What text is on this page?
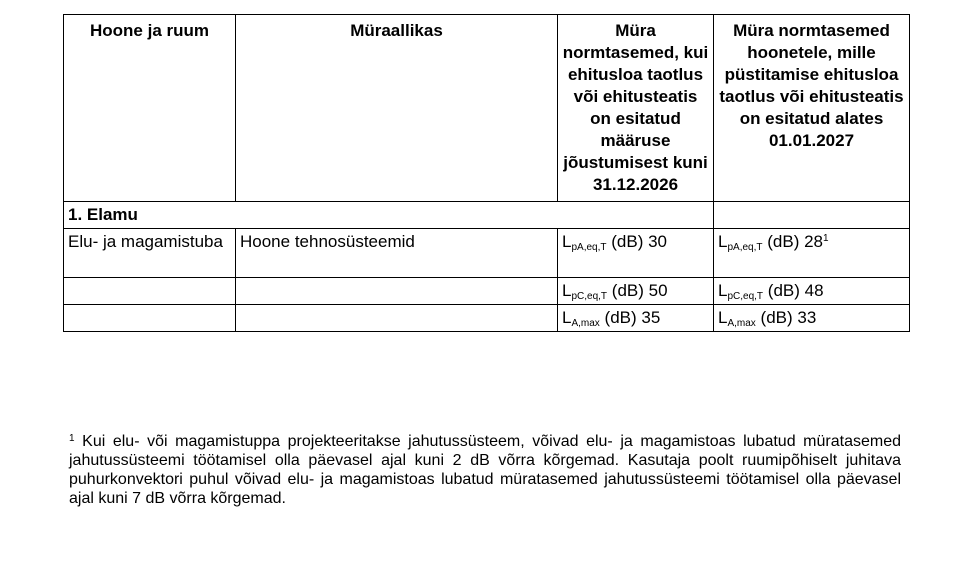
Hoone ja ruum	Müraallikas	Müra normtasemed, kui ehitusloa taotlus või ehitusteatis on esitatud määruse jõustumisest kuni 31.12.2026	Müra normtasemed hoonetele, mille püstitamise ehitusloa taotlus või ehitusteatis on esitatud alates 01.01.2027
1. Elamu			
Elu- ja magamistuba	Hoone tehnosüsteemid	$L_{pA,eq,T}$ (dB) 30	$L_{pA,eq,T}$ (dB) $28^1$
		$L_{pC,eq,T}$ (dB) 50	$L_{pC,eq,T}$ (dB) 48
		$L_{A,max}$ (dB) 35	$L_{A,max}$ (dB) 33

$^1$ Kui elu- või magamistuppa projekteeritakse jahutussüsteem, võivad elu- ja magamistoas lubatud müratasemed jahutussüsteemi töötamisel olla päevasel ajal kuni 2 dB võrra kõrgemad. Kasutaja poolt ruumipõhiselt juhitava puhurkonvektori puhul võivad elu- ja magamistoas lubatud müratasemed jahutussüsteemi töötamisel olla päevasel ajal kuni 7 dB võrra kõrgemad.
